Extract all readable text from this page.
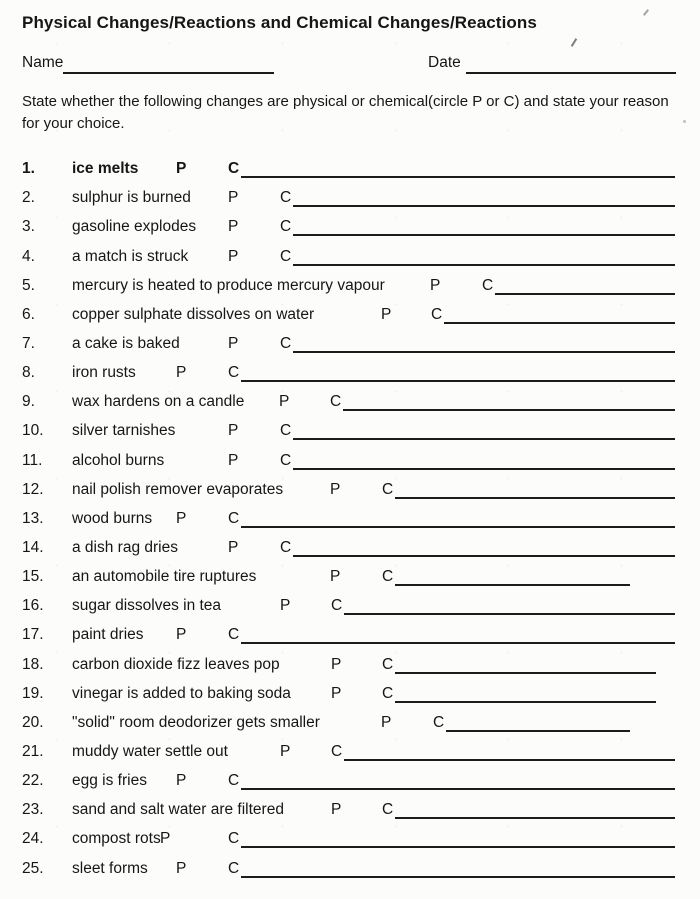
Physical Changes/Reactions and Chemical Changes/Reactions
Name	Date
State whether the following changes are physical or chemical(circle P or C) and state your reason for your choice.
1. ice melts P	C
2. sulphur is burned P	C
3. gasoline explodes P	C
4. a match is struck	P	C
5. mercury is heated to produce mercury vapour	P	C
6. copper sulphate dissolves on water	P	C
7. a cake is baked	P	C
8. iron rusts	P	C
9. wax hardens on a candle P	C
10. silver tarnishes	P	C
11. alcohol burns	P	C
12. nail polish remover evaporates	P	C
13. wood burns P	C
14. a dish rag dries	P	C
15. an automobile tire ruptures	P	C
16. sugar dissolves in tea	P	C
17. paint dries P	C
18. carbon dioxide fizz leaves pop	P	C
19. vinegar is added to baking soda	P	C
20. "solid" room deodorizer gets smaller	P	C
21. muddy water settle out	P	C
22. egg is fries P	C
23. sand and salt water are filtered	P	C
24. compost rots P	C
25. sleet forms P	C
